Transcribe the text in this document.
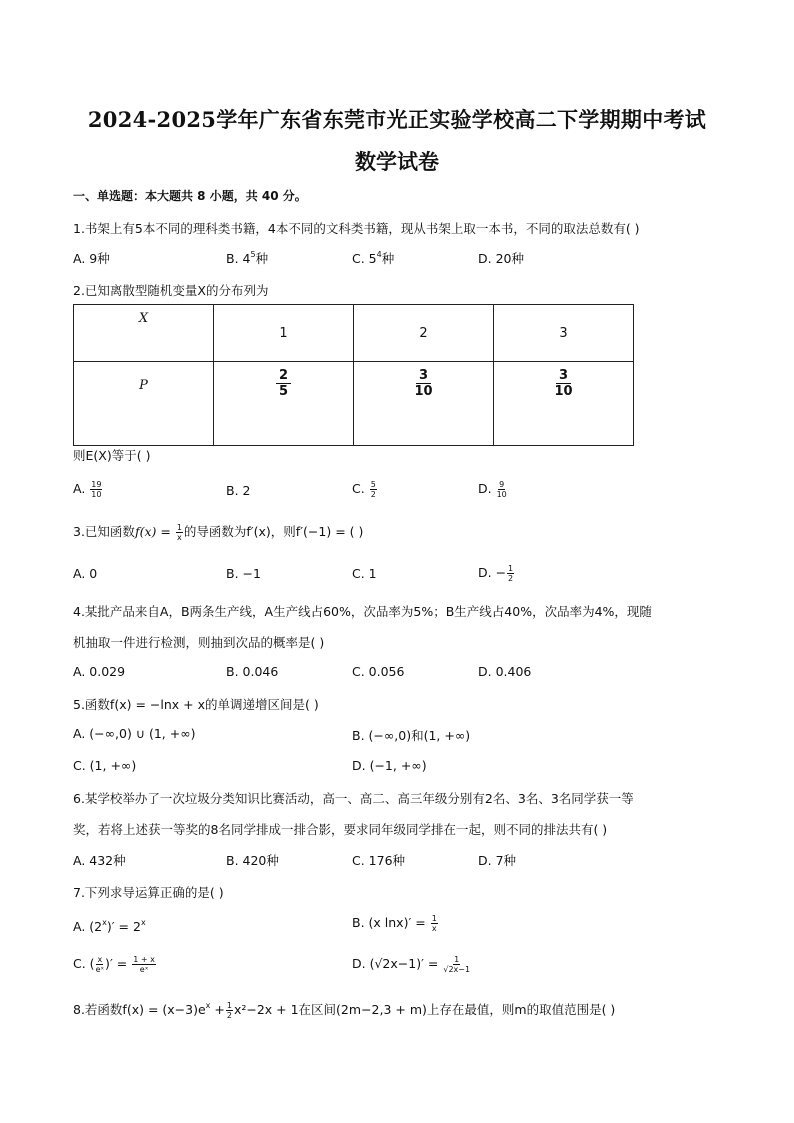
2024-2025学年广东省东莞市光正实验学校高二下学期期中考试
数学试卷
一、单选题：本大题共 8 小题，共 40 分。
1.书架上有5本不同的理科类书籍，4本不同的文科类书籍，现从书架上取一本书，不同的取法总数有( )
A. 9种	B. $4^5$种	C. $5^4$种	D. 20种
2.已知离散型随机变量X的分布列为
X	1	2	3

P	$\frac{2}{5}$	$\frac{3}{10}$	$\frac{3}{10}$
则E(X)等于( )
A. $\frac{19}{10}$	B. 2	C. $\frac{5}{2}$	D. $\frac{9}{10}$
3.已知函数$f(x) = \frac{1}{x}$ 的导函数为f′(x)，则f′(−1) = ( )
A. 0	B. −1	C. 1	D. − $\frac{1}{2}$
4.某批产品来自A，B两条生产线，A生产线占60%，次品率为5%；B生产线占40%，次品率为4%，现随
机抽取一件进行检测，则抽到次品的概率是( )
A. 0.029	B. 0.046	C. 0.056	D. 0.406
5.函数f(x) = −lnx + x的单调递增区间是( )
A. (−∞,0) ∪ (1, +∞)	B. (−∞,0)和(1, +∞)
C. (1, +∞)	D. (−1, +∞)
6.某学校举办了一次垃圾分类知识比赛活动，高一、高二、高三年级分别有2名、3名、3名同学获一等
奖，若将上述获一等奖的8名同学排成一排合影，要求同年级同学排在一起，则不同的排法共有( )
A. 432种	B. 420种	C. 176种	D. 7种
7.下列求导运算正确的是( )
A. $(2^x)' = 2^x$	B. (x $\ln x)' = \frac{1}{x}$
C. ( $\frac{x}{\text{eˣ}}$ )′ = $\frac{1 + x}{\text{eˣ}}$	D. $(√2x-1)' = \frac{1}{√2x-1}$
8.若函数$f(x) = (x-3)e^x + \frac{1}{2} x^2-2x + 1$在区间(2m−2,3 + m)上存在最值，则m的取值范围是( )
